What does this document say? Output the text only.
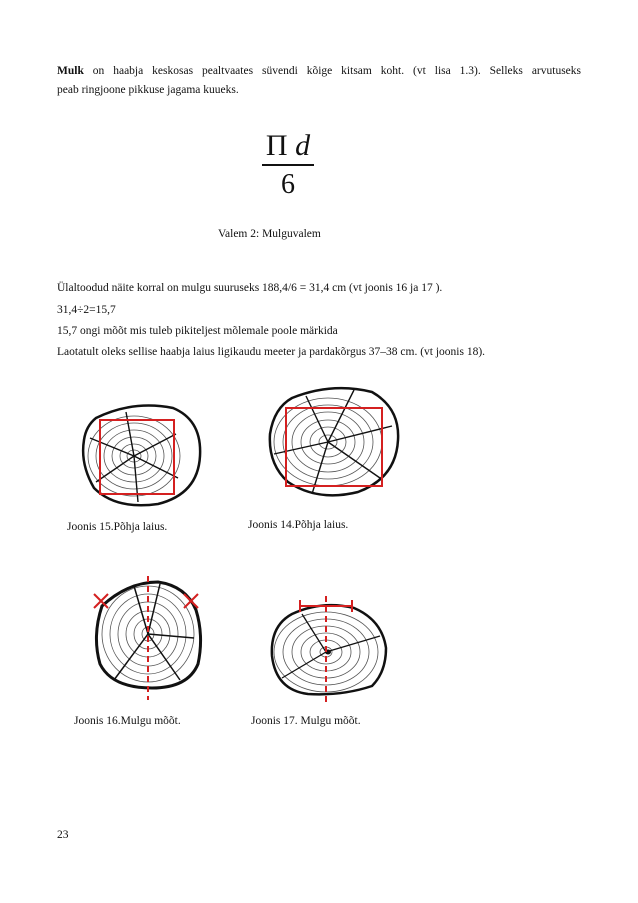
Mulk on haabja keskosas pealtvaates süvendi kõige kitsam koht. (vt lisa 1.3). Selleks arvutuseks
peab ringjoone pikkuse jagama kuueks.
Π d
6
Valem 2: Mulguvalem
Ülaltoodud näite korral on mulgu suuruseks 188,4/6 = 31,4 cm (vt joonis 16 ja 17 ).
31,4÷2=15,7
15,7 ongi mõõt mis tuleb pikiteljest mõlemale poole märkida
Laotatult oleks sellise haabja laius ligikaudu meeter ja pardakõrgus 37–38 cm. (vt joonis 18).
Joonis 15.Põhja laius.	Joonis 14.Põhja laius.
Joonis 16.Mulgu mõõt.	Joonis 17. Mulgu mõõt.
23
